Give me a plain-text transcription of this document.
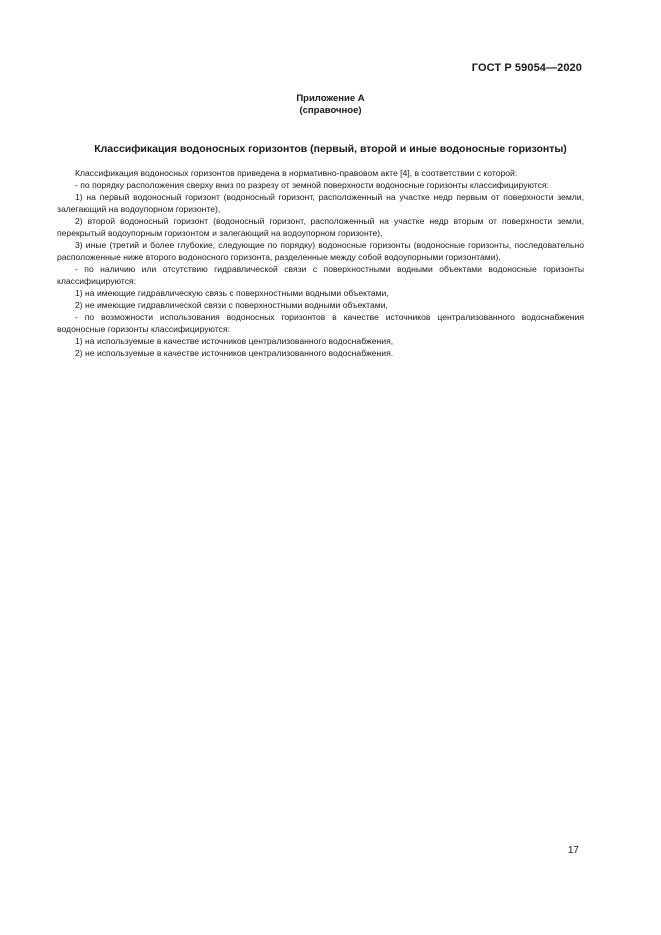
ГОСТ Р 59054—2020
Приложение А
(справочное)
Классификация водоносных горизонтов (первый, второй и иные водоносные горизонты)

Классификация водоносных горизонтов приведена в нормативно-правовом акте [4], в соответствии с которой:

- по порядку расположения сверху вниз по разрезу от земной поверхности водоносные горизонты классифицируются:

1) на первый водоносный горизонт (водоносный горизонт, расположенный на участке недр первым от поверхности земли, залегающий на водоупорном горизонте),

2) второй водоносный горизонт (водоносный горизонт, расположенный на участке недр вторым от поверхности земли, перекрытый водоупорным горизонтом и залегающий на водоупорном горизонте),

3) иные (третий и более глубокие, следующие по порядку) водоносные горизонты (водоносные горизонты, последовательно расположенные ниже второго водоносного горизонта, разделенные между собой водоупорными горизонтами),

- по наличию или отсутствию гидравлической связи с поверхностными водными объектами водоносные горизонты классифицируются:

1) на имеющие гидравлическую связь с поверхностными водными объектами,

2) не имеющие гидравлической связи с поверхностными водными объектами,

- по возможности использования водоносных горизонтов в качестве источников централизованного водоснабжения водоносные горизонты классифицируются:

1) на используемые в качестве источников централизованного водоснабжения,

2) не используемые в качестве источников централизованного водоснабжения.

17
